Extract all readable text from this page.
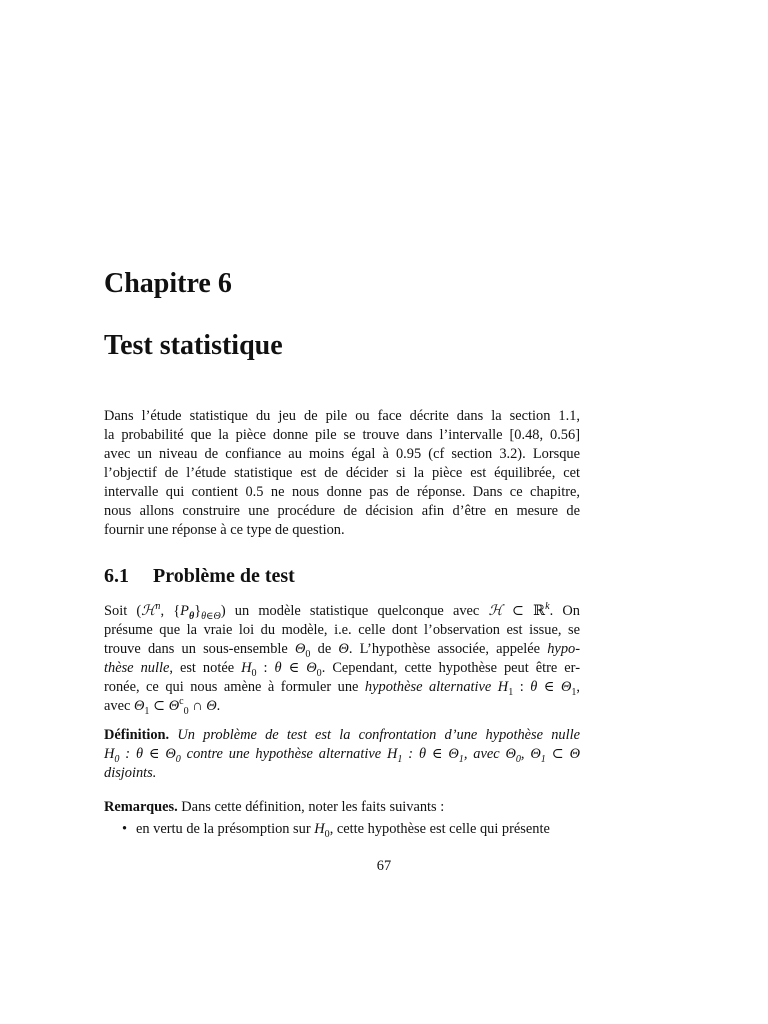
Chapitre 6
Test statistique
Dans l’étude statistique du jeu de pile ou face décrite dans la section 1.1,
la probabilité que la pièce donne pile se trouve dans l’intervalle [0.48, 0.56]
avec un niveau de confiance au moins égal à 0.95 (cf section 3.2). Lorsque
l’objectif de l’étude statistique est de décider si la pièce est équilibrée, cet
intervalle qui contient 0.5 ne nous donne pas de réponse. Dans ce chapitre,
nous allons construire une procédure de décision afin d’être en mesure de
fournir une réponse à ce type de question.
6.1 Problème de test
Soit (ℋ$^n$, $\{P_\theta\}_{\theta\in\Theta}$) un modèle statistique quelconque avec ℋ ⊂ ℝ$^k$. On
présume que la vraie loi du modèle, i.e. celle dont l’observation est issue, se
trouve dans un sous-ensemble $\Theta_0$ de Θ. L’hypothèse associée, appelée hypo-
thèse nulle, est notée $H_0$ : θ ∈ $\Theta_0$. Cependant, cette hypothèse peut être er-
ronée, ce qui nous amène à formuler une hypothèse alternative $H_1$ : θ ∈ $\Theta_1$,
avec $\Theta_1$ ⊂ $\Theta^c_0$ ∩ Θ.
Définition. Un problème de test est la confrontation d’une hypothèse nulle
$H_0$ : θ ∈ $\Theta_0$ contre une hypothèse alternative $H_1$ : θ ∈ $\Theta_1$, avec $\Theta_0$, $\Theta_1$ ⊂ Θ
disjoints.
Remarques. Dans cette définition, noter les faits suivants :
• en vertu de la présomption sur $H_0$, cette hypothèse est celle qui présente
67
